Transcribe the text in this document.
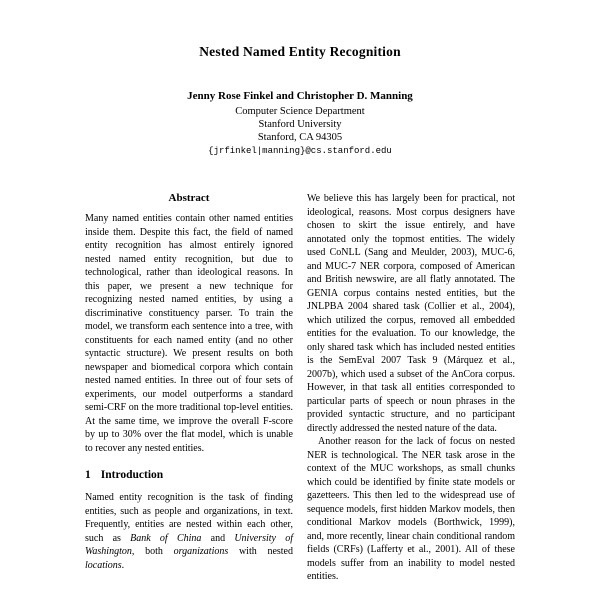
Nested Named Entity Recognition
Jenny Rose Finkel and Christopher D. Manning
Computer Science Department
Stanford University
Stanford, CA 94305
{jrfinkel|manning}@cs.stanford.edu
Abstract

Many named entities contain other named entities inside them. Despite this fact, the field of named entity recognition has almost entirely ignored nested named entity recognition, but due to technological, rather than ideological reasons. In this paper, we present a new technique for recognizing nested named entities, by using a discriminative constituency parser. To train the model, we transform each sentence into a tree, with constituents for each named entity (and no other syntactic structure). We present results on both newspaper and biomedical corpora which contain nested named entities. In three out of four sets of experiments, our model outperforms a standard semi-CRF on the more traditional top-level entities. At the same time, we improve the overall F-score by up to 30% over the flat model, which is unable to recover any nested entities.

1 Introduction

Named entity recognition is the task of finding entities, such as people and organizations, in text. Frequently, entities are nested within each other, such as Bank of China and University of Washington, both organizations with nested locations.

We believe this has largely been for practical, not ideological, reasons. Most corpus designers have chosen to skirt the issue entirely, and have annotated only the topmost entities. The widely used CoNLL (Sang and Meulder, 2003), MUC-6, and MUC-7 NER corpora, composed of American and British newswire, are all flatly annotated. The GENIA corpus contains nested entities, but the JNLPBA 2004 shared task (Collier et al., 2004), which utilized the corpus, removed all embedded entities for the evaluation. To our knowledge, the only shared task which has included nested entities is the SemEval 2007 Task 9 (Márquez et al., 2007b), which used a subset of the AnCora corpus. However, in that task all entities corresponded to particular parts of speech or noun phrases in the provided syntactic structure, and no participant directly addressed the nested nature of the data.

Another reason for the lack of focus on nested NER is technological. The NER task arose in the context of the MUC workshops, as small chunks which could be identified by finite state models or gazetteers. This then led to the widespread use of sequence models, first hidden Markov models, then conditional Markov models (Borthwick, 1999), and, more recently, linear chain conditional random fields (CRFs) (Lafferty et al., 2001). All of these models suffer from an inability to model nested entities.
